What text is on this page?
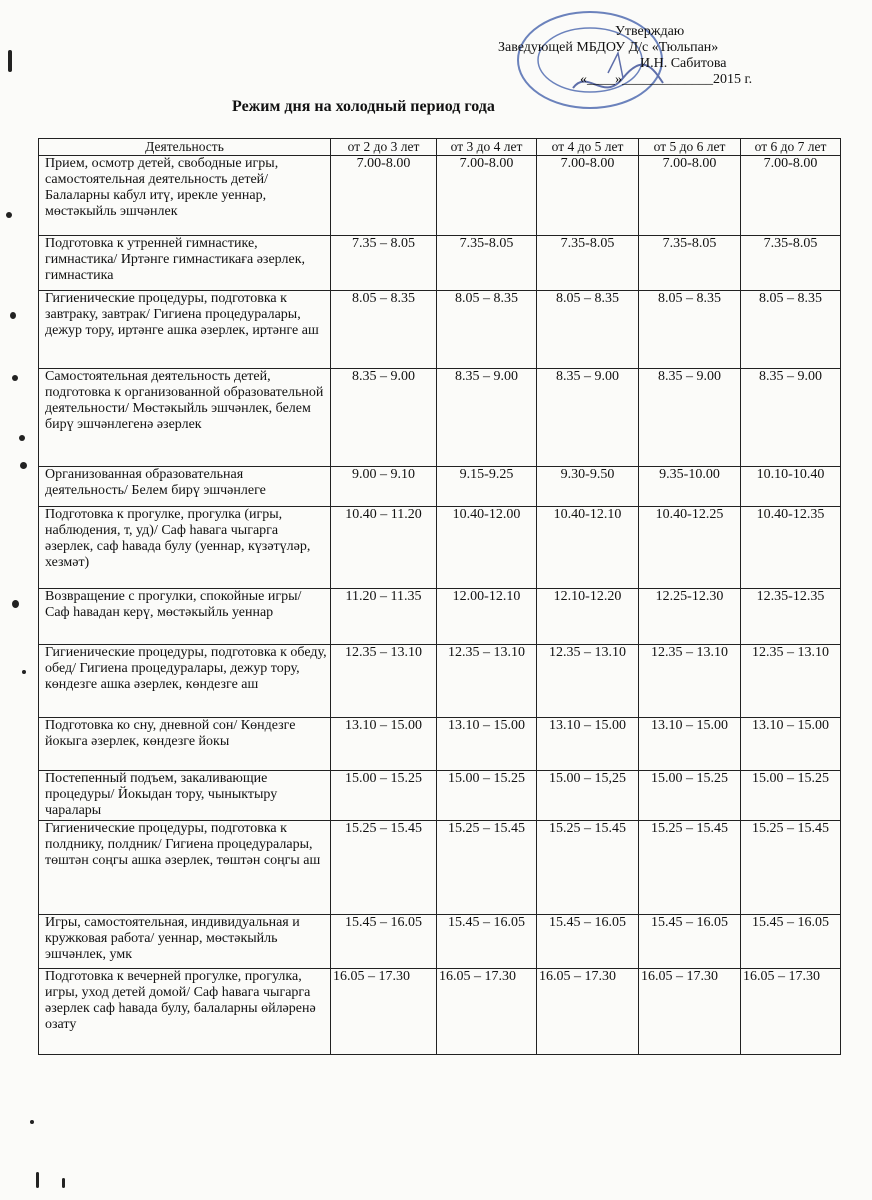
Утверждаю
Заведующей МБДОУ Д/с «Тюльпан»
И.Н. Сабитова
«____»_____________2015 г.
Режим дня на холодный период года
Деятельность	от 2 до 3 лет	от 3 до 4 лет	от 4 до 5 лет	от 5 до 6 лет	от 6 до 7 лет
Прием, осмотр детей, свободные игры, самостоятельная деятельность детей/ Балаларны кабул итү, ирекле уеннар, мөстәкыйль эшчәнлек	7.00-8.00	7.00-8.00	7.00-8.00	7.00-8.00	7.00-8.00
Подготовка к утренней гимнастике, гимнастика/ Иртәнге гимнастикаға әзерлек, гимнастика	7.35 – 8.05	7.35-8.05	7.35-8.05	7.35-8.05	7.35-8.05
Гигиенические процедуры, подготовка к завтраку, завтрак/ Гигиена процедуралары, дежур тору, иртәнге ашка әзерлек, иртәнге аш	8.05 – 8.35	8.05 – 8.35	8.05 – 8.35	8.05 – 8.35	8.05 – 8.35
Самостоятельная деятельность детей, подготовка к организованной образовательной деятельности/ Мөстәкыйль эшчәнлек, белем бирү эшчәнлегенә әзерлек	8.35 – 9.00	8.35 – 9.00	8.35 – 9.00	8.35 – 9.00	8.35 – 9.00
Организованная образовательная деятельность/ Белем бирү эшчәнлеге	9.00 – 9.10	9.15-9.25	9.30-9.50	9.35-10.00	10.10-10.40
Подготовка к прогулке, прогулка (игры, наблюдения, т, уд)/ Саф һавага чыгарга әзерлек, саф һавада булу (уеннар, күзәтүләр, хезмәт)	10.40 – 11.20	10.40-12.00	10.40-12.10	10.40-12.25	10.40-12.35
Возвращение с прогулки, спокойные игры/ Саф һавадан керү, мөстәкыйль уеннар	11.20 – 11.35	12.00-12.10	12.10-12.20	12.25-12.30	12.35-12.35
Гигиенические процедуры, подготовка к обеду, обед/ Гигиена процедуралары, дежур тору, көндезге ашка әзерлек, көндезге аш	12.35 – 13.10	12.35 – 13.10	12.35 – 13.10	12.35 – 13.10	12.35 – 13.10
Подготовка ко сну, дневной сон/ Көндезге йокыга әзерлек, көндезге йокы	13.10 – 15.00	13.10 – 15.00	13.10 – 15.00	13.10 – 15.00	13.10 – 15.00
Постепенный подъем, закаливающие процедуры/ Йокыдан тору, чыныктыру чаралары	15.00 – 15.25	15.00 – 15.25	15.00 – 15,25	15.00 – 15.25	15.00 – 15.25
Гигиенические процедуры, подготовка к полднику, полдник/ Гигиена процедуралары, төштән соңгы ашка әзерлек, төштән соңгы аш	15.25 – 15.45	15.25 – 15.45	15.25 – 15.45	15.25 – 15.45	15.25 – 15.45
Игры, самостоятельная, индивидуальная и кружковая работа/ уеннар, мөстәкыйль эшчәнлек, умк	15.45 – 16.05	15.45 – 16.05	15.45 – 16.05	15.45 – 16.05	15.45 – 16.05
Подготовка к вечерней прогулке, прогулка, игры, уход детей домой/ Саф һавага чыгарга әзерлек саф һавада булу, балаларны өйләренә озату	16.05 – 17.30	16.05 – 17.30	16.05 – 17.30	16.05 – 17.30	16.05 – 17.30
